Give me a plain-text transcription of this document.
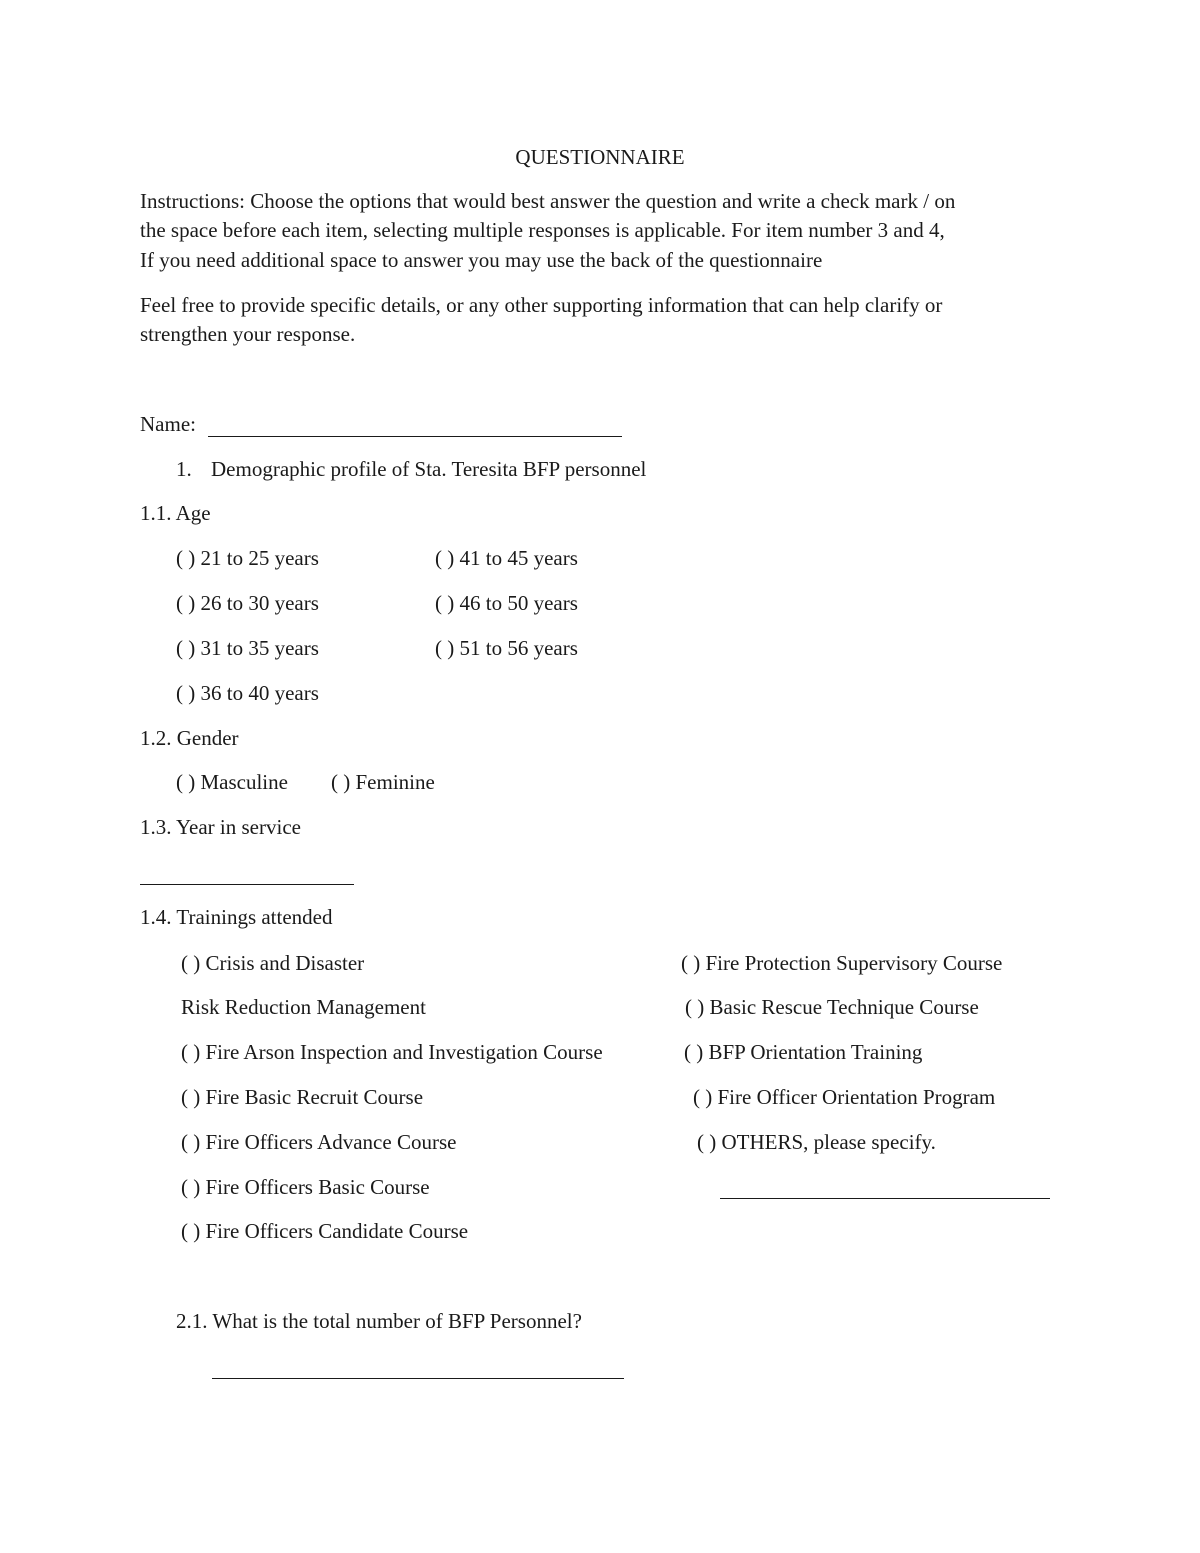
QUESTIONNAIRE
Instructions: Choose the options that would best answer the question and write a check mark / on
the space before each item, selecting multiple responses is applicable. For item number 3 and 4,
If you need additional space to answer you may use the back of the questionnaire
Feel free to provide specific details, or any other supporting information that can help clarify or
strengthen your response.
Name:
1. Demographic profile of Sta. Teresita BFP personnel
1.1. Age
( ) 21 to 25 years
( ) 26 to 30 years
( ) 31 to 35 years
( ) 36 to 40 years
( ) 41 to 45 years
( ) 46 to 50 years
( ) 51 to 56 years
1.2. Gender
( ) Masculine ( ) Feminine
1.3. Year in service
1.4. Trainings attended
( ) Crisis and Disaster
Risk Reduction Management
( ) Fire Arson Inspection and Investigation Course
( ) Fire Basic Recruit Course
( ) Fire Officers Advance Course
( ) Fire Officers Basic Course
( ) Fire Officers Candidate Course
( ) Fire Protection Supervisory Course
( ) Basic Rescue Technique Course
( ) BFP Orientation Training
( ) Fire Officer Orientation Program
( ) OTHERS, please specify.
2.1. What is the total number of BFP Personnel?
